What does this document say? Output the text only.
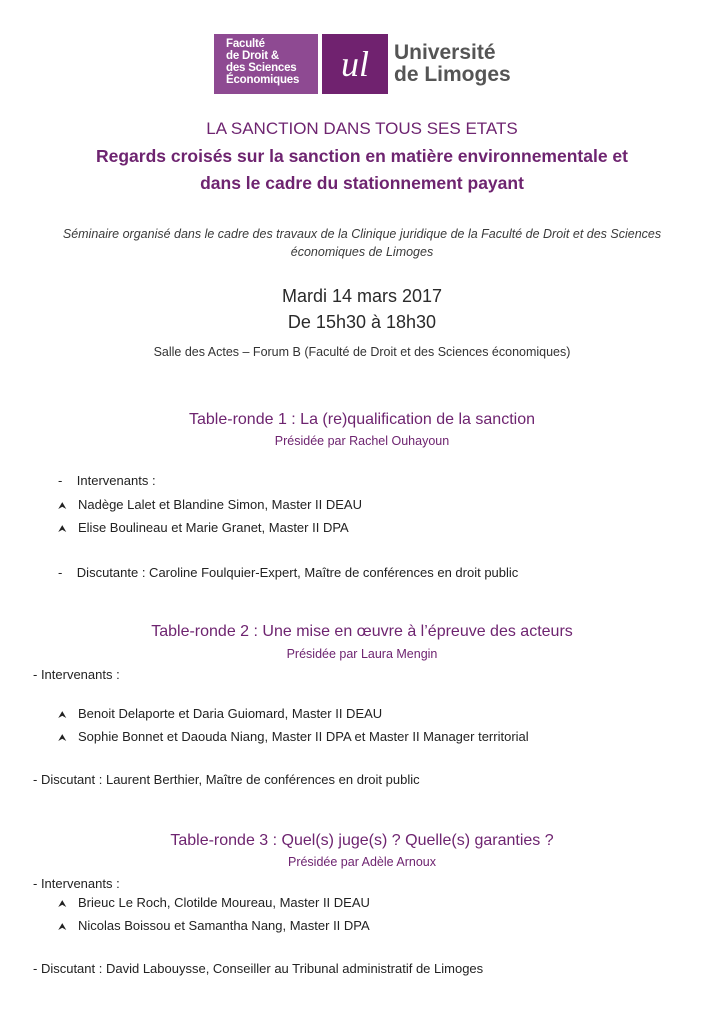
Faculté
de Droit &
des Sciences
Économiques	ul Université
de Limoges
LA SANCTION DANS TOUS SES ETATS
Regards croisés sur la sanction en matière environnementale et
dans le cadre du stationnement payant
Séminaire organisé dans le cadre des travaux de la Clinique juridique de la Faculté de Droit et des Sciences économiques de Limoges
Mardi 14 mars 2017
De 15h30 à 18h30
Salle des Actes – Forum B (Faculté de Droit et des Sciences économiques)
Table-ronde 1 : La (re)qualification de la sanction
Présidée par Rachel Ouhayoun
- Intervenants :
⮝ Nadège Lalet et Blandine Simon, Master II DEAU
⮝ Elise Boulineau et Marie Granet, Master II DPA
- Discutante : Caroline Foulquier-Expert, Maître de conférences en droit public
Table-ronde 2 : Une mise en œuvre à l’épreuve des acteurs
Présidée par Laura Mengin
- Intervenants :
⮝ Benoit Delaporte et Daria Guiomard, Master II DEAU
⮝ Sophie Bonnet et Daouda Niang, Master II DPA et Master II Manager territorial
- Discutant : Laurent Berthier, Maître de conférences en droit public
Table-ronde 3 : Quel(s) juge(s) ? Quelle(s) garanties ?
Présidée par Adèle Arnoux
- Intervenants :
⮝ Brieuc Le Roch, Clotilde Moureau, Master II DEAU
⮝ Nicolas Boissou et Samantha Nang, Master II DPA
- Discutant : David Labouysse, Conseiller au Tribunal administratif de Limoges
